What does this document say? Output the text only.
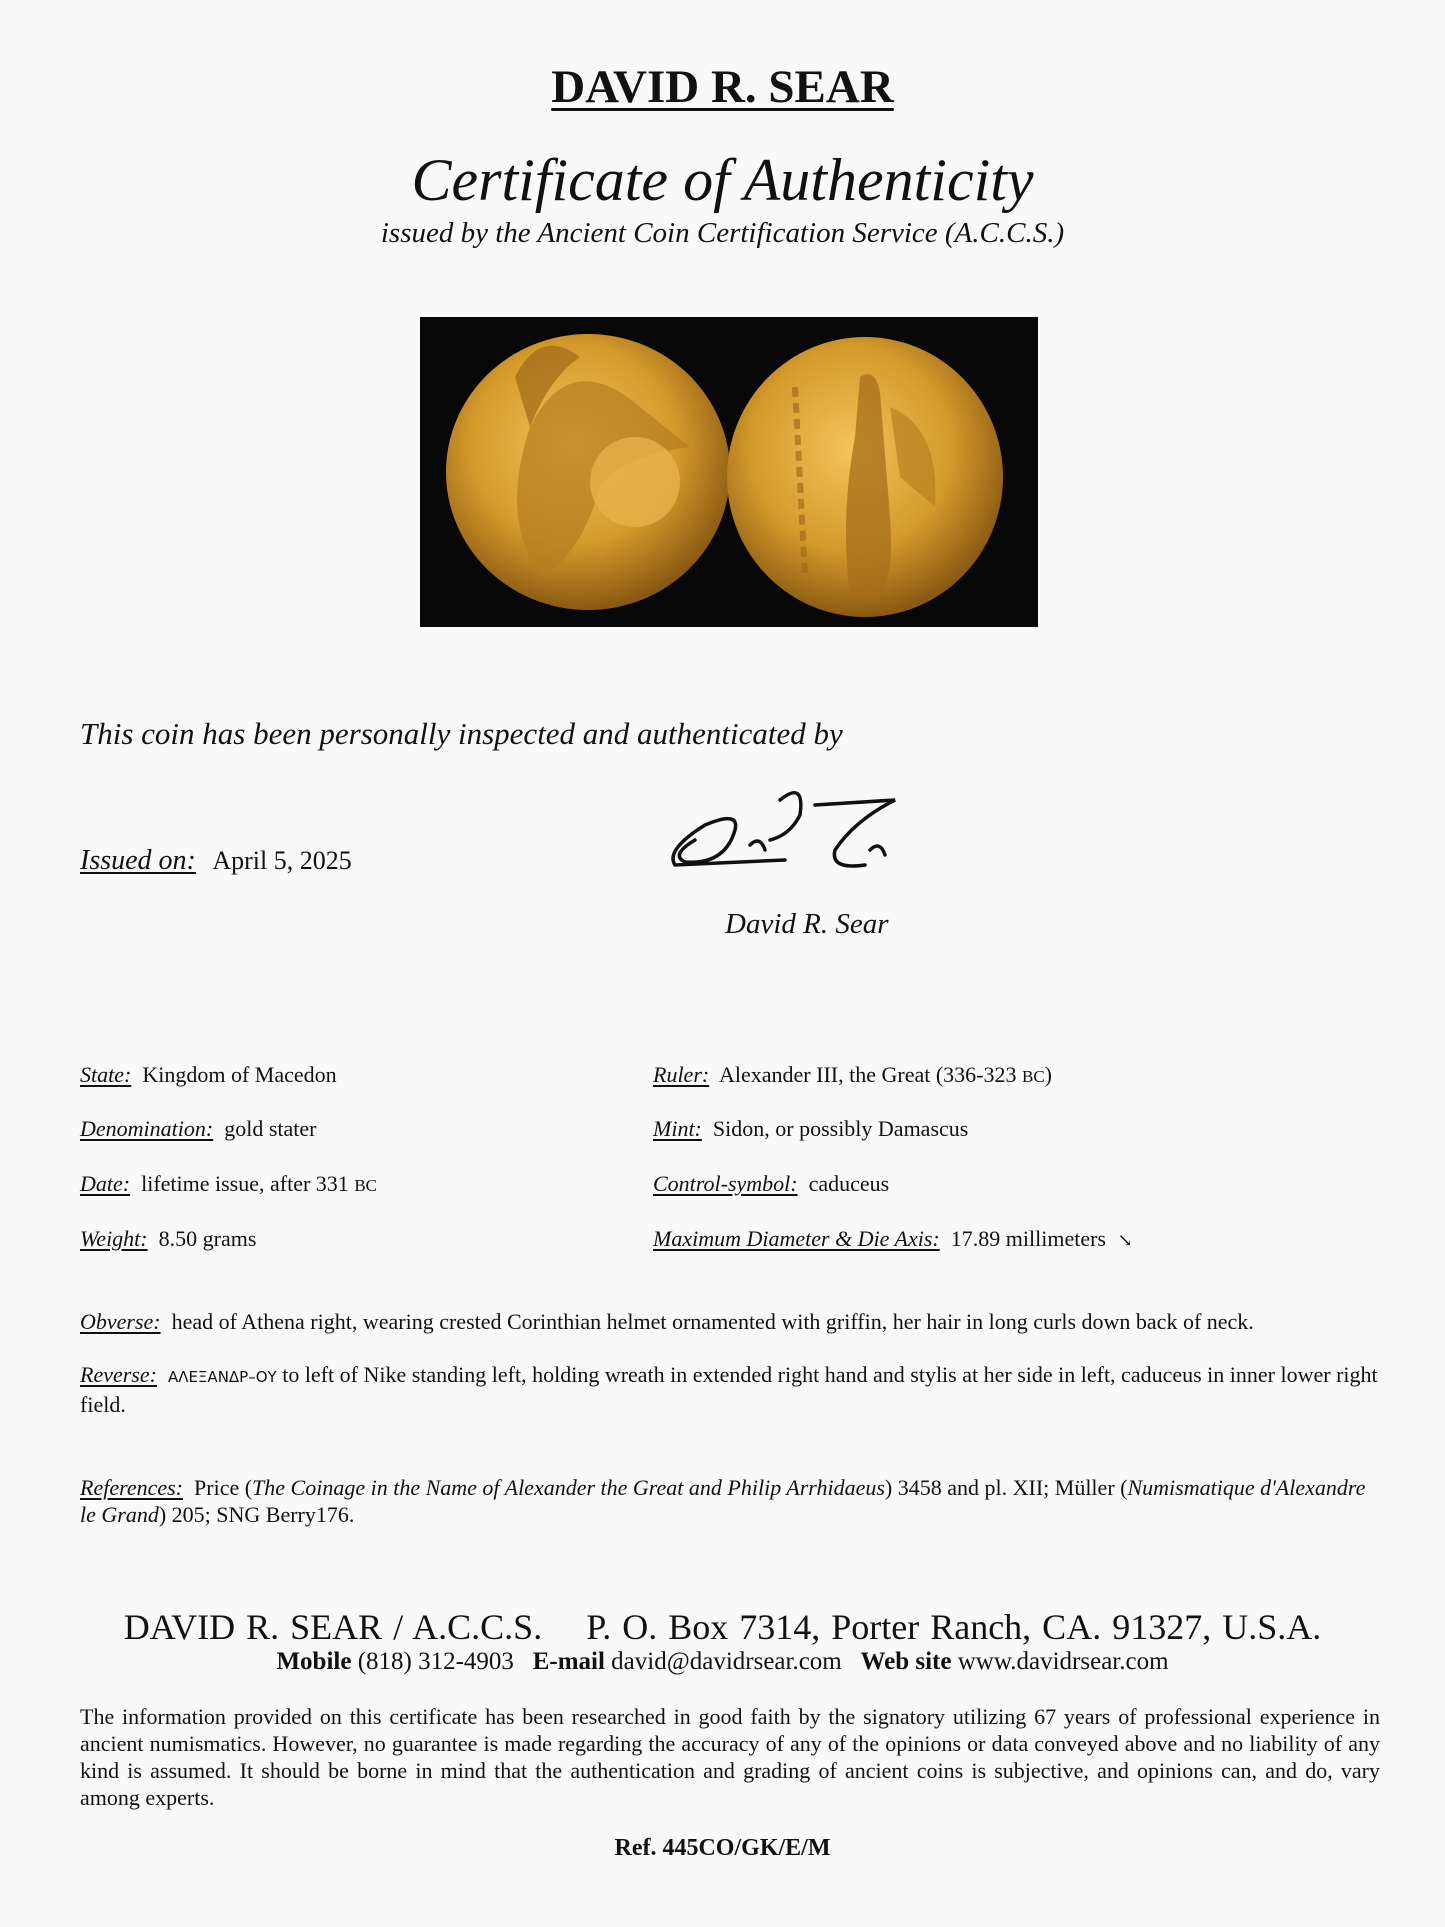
DAVID R. SEAR
Certificate of Authenticity
issued by the Ancient Coin Certification Service (A.C.C.S.)
This coin has been personally inspected and authenticated by
Issued on: April 5, 2025
David R. Sear
State: Kingdom of Macedon
Denomination: gold stater
Date: lifetime issue, after 331 BC
Weight: 8.50 grams
Ruler: Alexander III, the Great (336-323 BC)
Mint: Sidon, or possibly Damascus
Control-symbol: caduceus
Maximum Diameter & Die Axis: 17.89 millimeters ↘
Obverse: head of Athena right, wearing crested Corinthian helmet ornamented with griffin, her hair in long curls down back of neck.
Reverse: ΑΛΕΞΑΝΔΡ–ΟΥ to left of Nike standing left, holding wreath in extended right hand and stylis at her side in left, caduceus in inner lower right field.
References: Price (The Coinage in the Name of Alexander the Great and Philip Arrhidaeus) 3458 and pl. XII; Müller (Numismatique d'Alexandre le Grand) 205; SNG Berry176.
DAVID R. SEAR / A.C.C.S.    P. O. Box 7314, Porter Ranch, CA. 91327, U.S.A.
Mobile (818) 312-4903 E-mail david@davidrsear.com Web site www.davidrsear.com
The information provided on this certificate has been researched in good faith by the signatory utilizing 67 years of professional experience in ancient numismatics. However, no guarantee is made regarding the accuracy of any of the opinions or data conveyed above and no liability of any kind is assumed. It should be borne in mind that the authentication and grading of ancient coins is subjective, and opinions can, and do, vary among experts.
Ref. 445CO/GK/E/M
